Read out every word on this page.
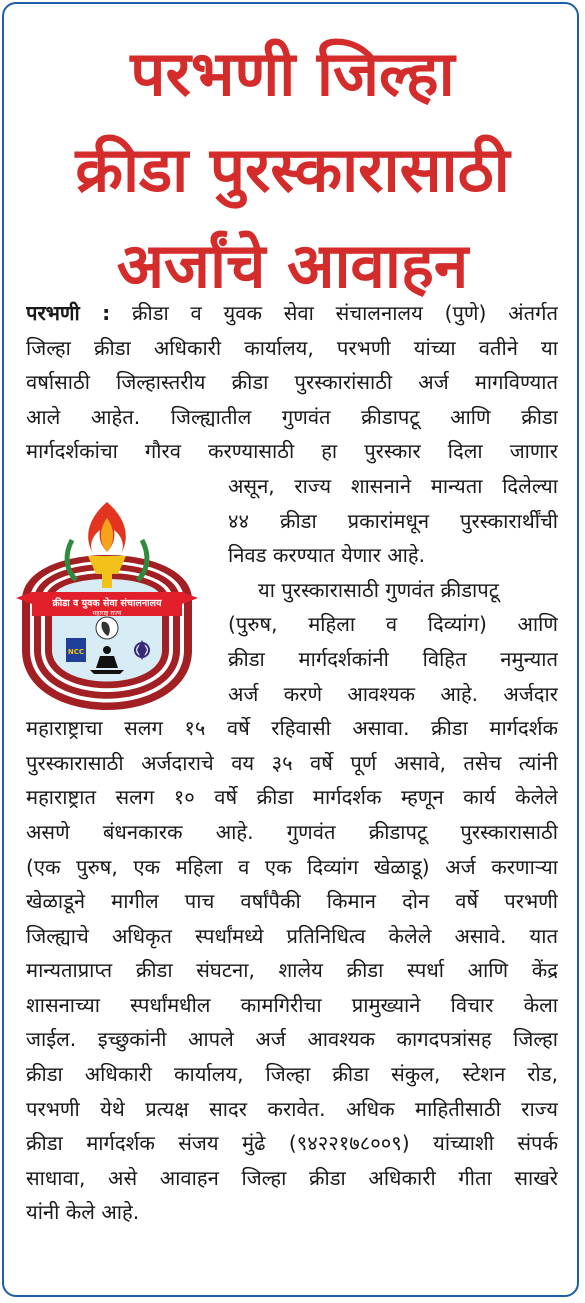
परभणी जिल्हा
क्रीडा पुरस्कारासाठी
अर्जांचे आवाहन
क्रीडा व युवक सेवा संचालनालय
महाराष्ट्र राज्य
NCC
परभणी : क्रीडा व युवक सेवा संचालनालय (पुणे) अंतर्गत
जिल्हा क्रीडा अधिकारी कार्यालय, परभणी यांच्या वतीने या
वर्षासाठी जिल्हास्तरीय क्रीडा पुरस्कारांसाठी अर्ज मागविण्यात
आले आहेत. जिल्ह्यातील गुणवंत क्रीडापटू आणि क्रीडा
मार्गदर्शकांचा गौरव करण्यासाठी हा पुरस्कार दिला जाणार
असून, राज्य शासनाने मान्यता दिलेल्या
४४ क्रीडा प्रकारांमधून पुरस्कारार्थींची
निवड करण्यात येणार आहे.
या पुरस्कारासाठी गुणवंत क्रीडापटू
(पुरुष, महिला व दिव्यांग) आणि
क्रीडा मार्गदर्शकांनी विहित नमुन्यात
अर्ज करणे आवश्यक आहे. अर्जदार
महाराष्ट्राचा सलग १५ वर्षे रहिवासी असावा. क्रीडा मार्गदर्शक
पुरस्कारासाठी अर्जदाराचे वय ३५ वर्षे पूर्ण असावे, तसेच त्यांनी
महाराष्ट्रात सलग १० वर्षे क्रीडा मार्गदर्शक म्हणून कार्य केलेले
असणे बंधनकारक आहे. गुणवंत क्रीडापटू पुरस्कारासाठी
(एक पुरुष, एक महिला व एक दिव्यांग खेळाडू) अर्ज करणाऱ्या
खेळाडूने मागील पाच वर्षांपैकी किमान दोन वर्षे परभणी
जिल्ह्याचे अधिकृत स्पर्धांमध्ये प्रतिनिधित्व केलेले असावे. यात
मान्यताप्राप्त क्रीडा संघटना, शालेय क्रीडा स्पर्धा आणि केंद्र
शासनाच्या स्पर्धांमधील कामगिरीचा प्रामुख्याने विचार केला
जाईल. इच्छुकांनी आपले अर्ज आवश्यक कागदपत्रांसह जिल्हा
क्रीडा अधिकारी कार्यालय, जिल्हा क्रीडा संकुल, स्टेशन रोड,
परभणी येथे प्रत्यक्ष सादर करावेत. अधिक माहितीसाठी राज्य
क्रीडा मार्गदर्शक संजय मुंढे (९४२२१७८००९) यांच्याशी संपर्क
साधावा, असे आवाहन जिल्हा क्रीडा अधिकारी गीता साखरे
यांनी केले आहे.
